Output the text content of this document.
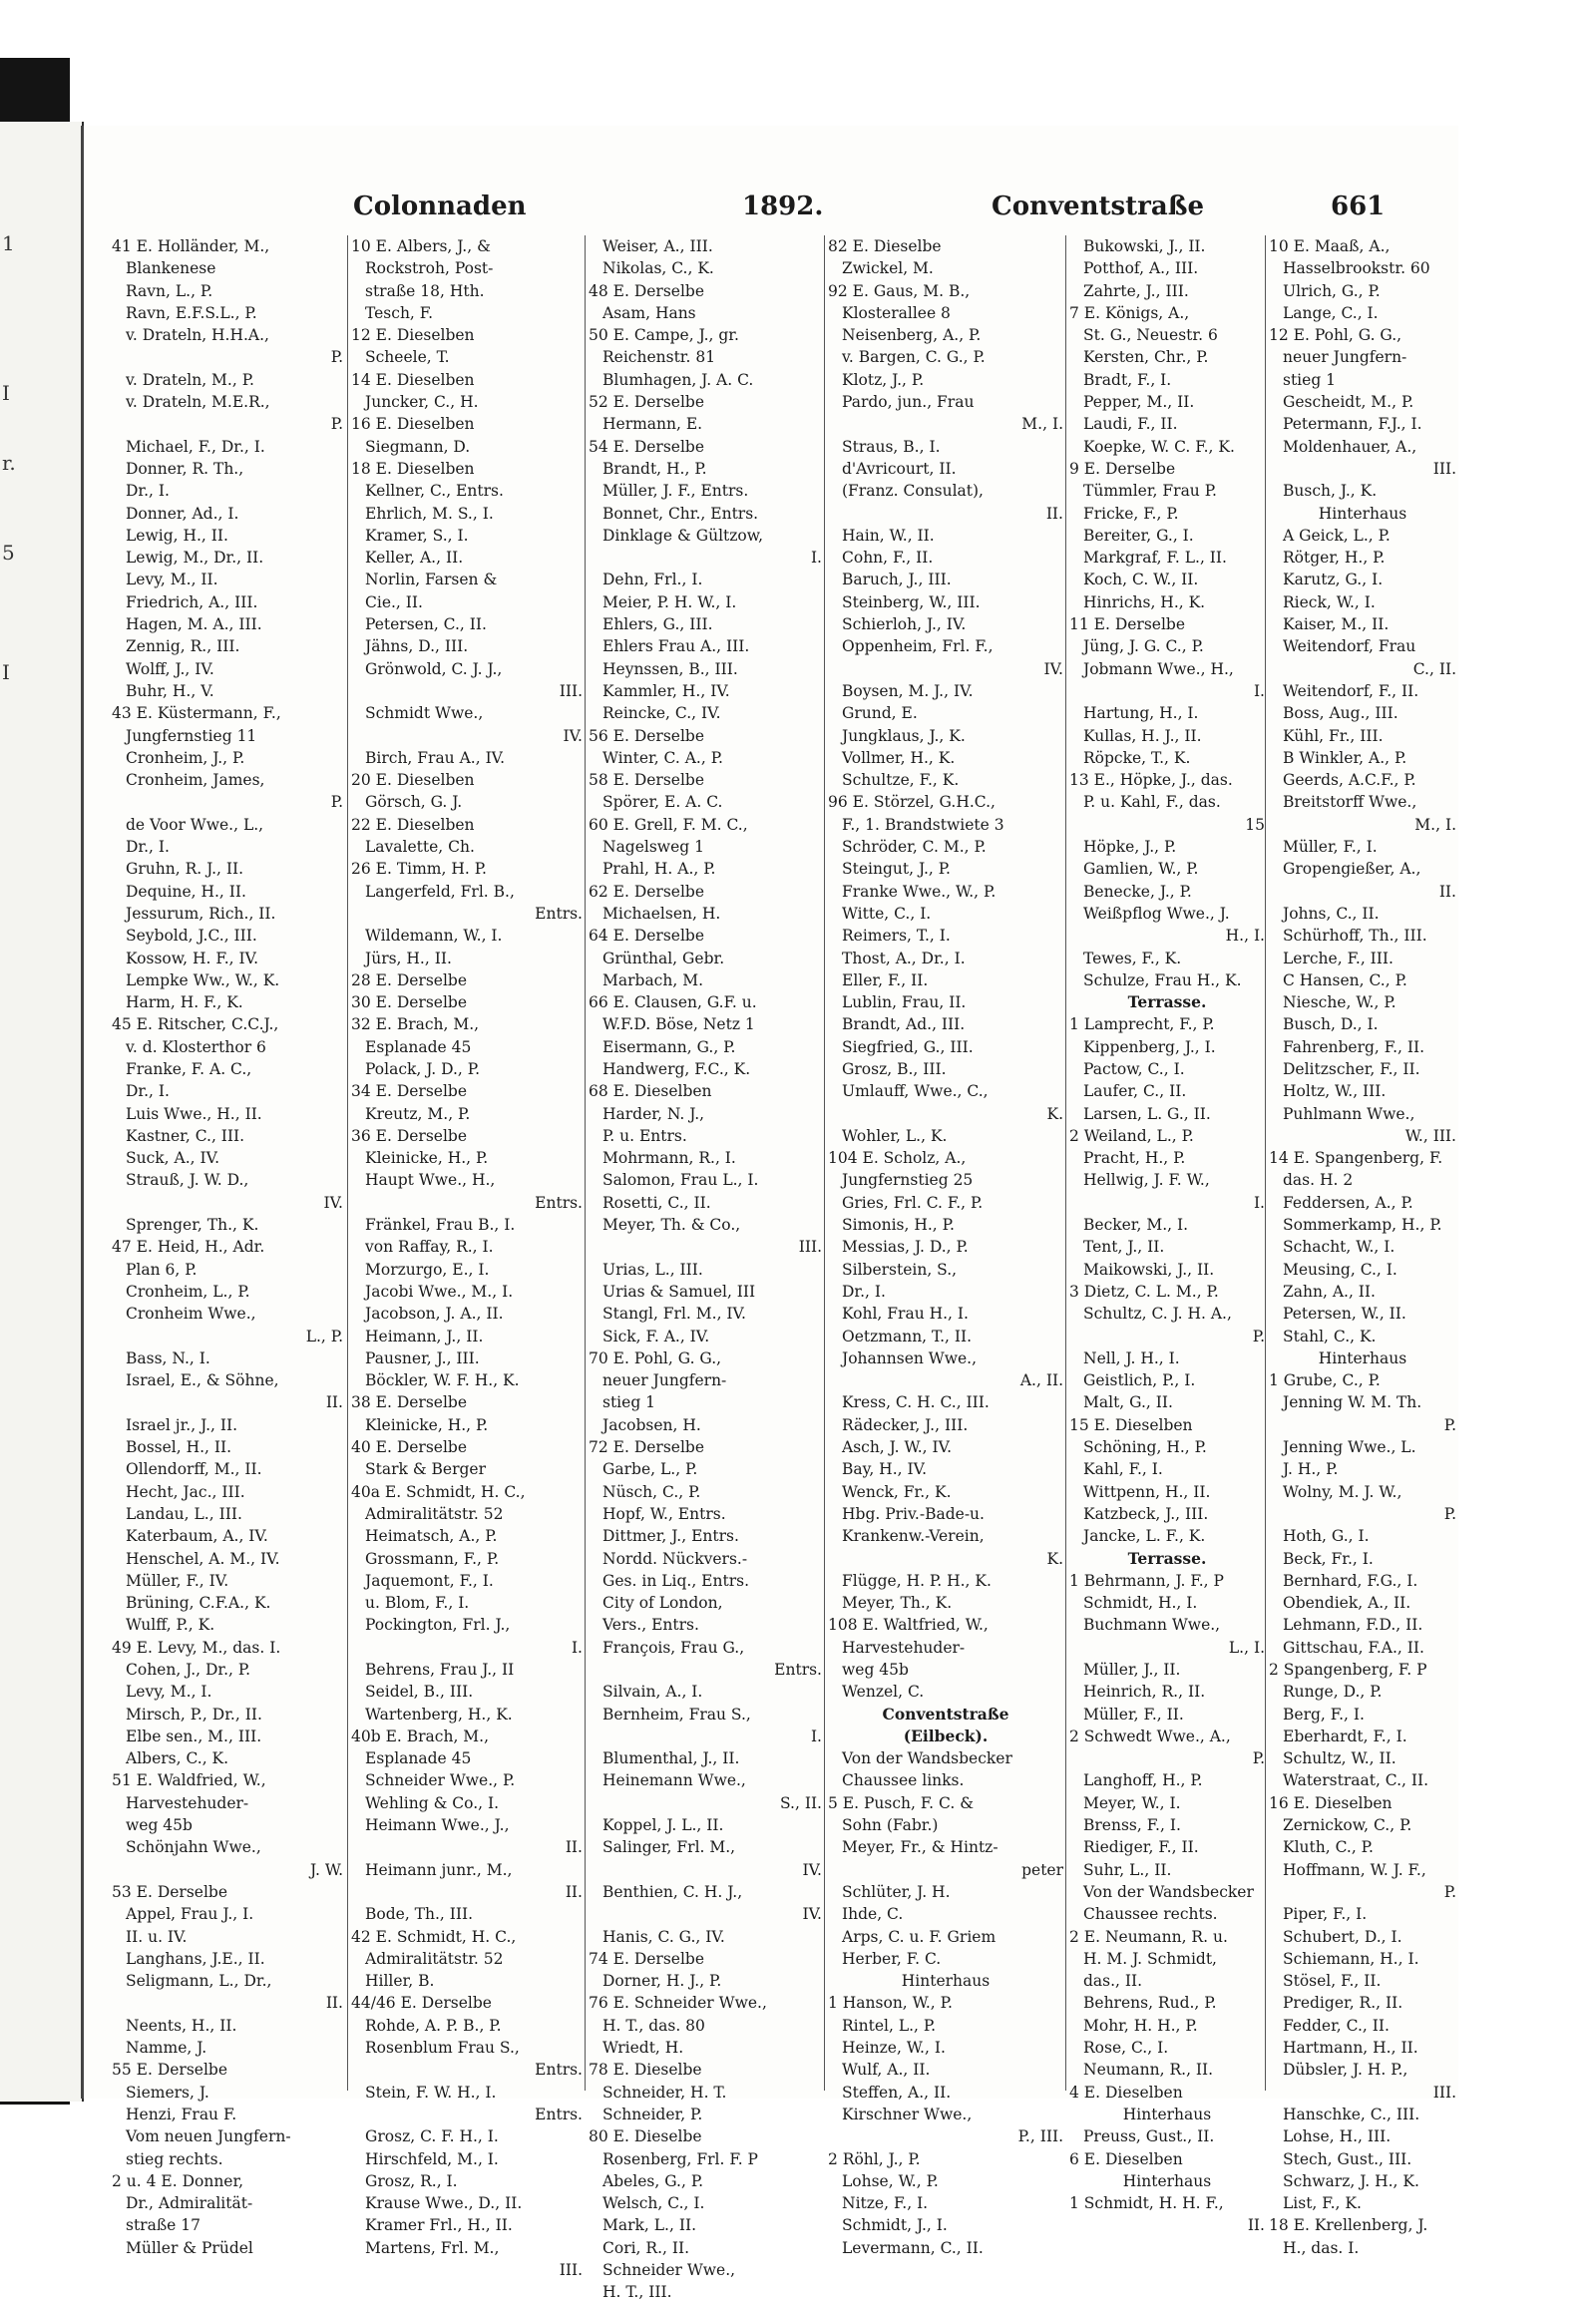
1
I
r.
5
I
Colonnaden	1892.	Conventstraße	661
41 E. Holländer, M.,
Blankenese
Ravn, L., P.
Ravn, E.F.S.L., P.
v. Drateln, H.H.A.,
P.
v. Drateln, M., P.
v. Drateln, M.E.R.,
P.
Michael, F., Dr., I.
Donner, R. Th.,
Dr., I.
Donner, Ad., I.
Lewig, H., II.
Lewig, M., Dr., II.
Levy, M., II.
Friedrich, A., III.
Hagen, M. A., III.
Zennig, R., III.
Wolff, J., IV.
Buhr, H., V.
43 E. Küstermann, F.,
Jungfernstieg 11
Cronheim, J., P.
Cronheim, James,
P.
de Voor Wwe., L.,
Dr., I.
Gruhn, R. J., II.
Dequine, H., II.
Jessurum, Rich., II.
Seybold, J.C., III.
Kossow, H. F., IV.
Lempke Ww., W., K.
Harm, H. F., K.
45 E. Ritscher, C.C.J.,
v. d. Klosterthor 6
Franke, F. A. C.,
Dr., I.
Luis Wwe., H., II.
Kastner, C., III.
Suck, A., IV.
Strauß, J. W. D.,
IV.
Sprenger, Th., K.
47 E. Heid, H., Adr.
Plan 6, P.
Cronheim, L., P.
Cronheim Wwe.,
L., P.
Bass, N., I.
Israel, E., & Söhne,
II.
Israel jr., J., II.
Bossel, H., II.
Ollendorff, M., II.
Hecht, Jac., III.
Landau, L., III.
Katerbaum, A., IV.
Henschel, A. M., IV.
Müller, F., IV.
Brüning, C.F.A., K.
Wulff, P., K.
49 E. Levy, M., das. I.
Cohen, J., Dr., P.
Levy, M., I.
Mirsch, P., Dr., II.
Elbe sen., M., III.
Albers, C., K.
51 E. Waldfried, W.,
Harvestehuder-
weg 45b
Schönjahn Wwe.,
J. W.
53 E. Derselbe
Appel, Frau J., I.
II. u. IV.
Langhans, J.E., II.
Seligmann, L., Dr.,
II.
Neents, H., II.
Namme, J.
55 E. Derselbe
Siemers, J.
Henzi, Frau F.
Vom neuen Jungfern-
stieg rechts.
2 u. 4 E. Donner,
Dr., Admiralität-
straße 17
Müller & Prüdel
10 E. Albers, J., &
Rockstroh, Post-
straße 18, Hth.
Tesch, F.
12 E. Dieselben
Scheele, T.
14 E. Dieselben
Juncker, C., H.
16 E. Dieselben
Siegmann, D.
18 E. Dieselben
Kellner, C., Entrs.
Ehrlich, M. S., I.
Kramer, S., I.
Keller, A., II.
Norlin, Farsen &
Cie., II.
Petersen, C., II.
Jähns, D., III.
Grönwold, C. J. J.,
III.
Schmidt Wwe.,
IV.
Birch, Frau A., IV.
20 E. Dieselben
Görsch, G. J.
22 E. Dieselben
Lavalette, Ch.
26 E. Timm, H. P.
Langerfeld, Frl. B.,
Entrs.
Wildemann, W., I.
Jürs, H., II.
28 E. Derselbe
30 E. Derselbe
32 E. Brach, M.,
Esplanade 45
Polack, J. D., P.
34 E. Derselbe
Kreutz, M., P.
36 E. Derselbe
Kleinicke, H., P.
Haupt Wwe., H.,
Entrs.
Fränkel, Frau B., I.
von Raffay, R., I.
Morzurgo, E., I.
Jacobi Wwe., M., I.
Jacobson, J. A., II.
Heimann, J., II.
Pausner, J., III.
Böckler, W. F. H., K.
38 E. Derselbe
Kleinicke, H., P.
40 E. Derselbe
Stark & Berger
40a E. Schmidt, H. C.,
Admiralitätstr. 52
Heimatsch, A., P.
Grossmann, F., P.
Jaquemont, F., I.
u. Blom, F., I.
Pockington, Frl. J.,
I.
Behrens, Frau J., II
Seidel, B., III.
Wartenberg, H., K.
40b E. Brach, M.,
Esplanade 45
Schneider Wwe., P.
Wehling & Co., I.
Heimann Wwe., J.,
II.
Heimann junr., M.,
II.
Bode, Th., III.
42 E. Schmidt, H. C.,
Admiralitätstr. 52
Hiller, B.
44/46 E. Derselbe
Rohde, A. P. B., P.
Rosenblum Frau S.,
Entrs.
Stein, F. W. H., I.
Entrs.
Grosz, C. F. H., I.
Hirschfeld, M., I.
Grosz, R., I.
Krause Wwe., D., II.
Kramer Frl., H., II.
Martens, Frl. M.,
III.
Weiser, A., III.
Nikolas, C., K.
48 E. Derselbe
Asam, Hans
50 E. Campe, J., gr.
Reichenstr. 81
Blumhagen, J. A. C.
52 E. Derselbe
Hermann, E.
54 E. Derselbe
Brandt, H., P.
Müller, J. F., Entrs.
Bonnet, Chr., Entrs.
Dinklage & Gültzow,
I.
Dehn, Frl., I.
Meier, P. H. W., I.
Ehlers, G., III.
Ehlers Frau A., III.
Heynssen, B., III.
Kammler, H., IV.
Reincke, C., IV.
56 E. Derselbe
Winter, C. A., P.
58 E. Derselbe
Spörer, E. A. C.
60 E. Grell, F. M. C.,
Nagelsweg 1
Prahl, H. A., P.
62 E. Derselbe
Michaelsen, H.
64 E. Derselbe
Grünthal, Gebr.
Marbach, M.
66 E. Clausen, G.F. u.
W.F.D. Böse, Netz 1
Eisermann, G., P.
Handwerg, F.C., K.
68 E. Dieselben
Harder, N. J.,
P. u. Entrs.
Mohrmann, R., I.
Salomon, Frau L., I.
Rosetti, C., II.
Meyer, Th. & Co.,
III.
Urias, L., III.
Urias & Samuel, III
Stangl, Frl. M., IV.
Sick, F. A., IV.
70 E. Pohl, G. G.,
neuer Jungfern-
stieg 1
Jacobsen, H.
72 E. Derselbe
Garbe, L., P.
Nüsch, C., P.
Hopf, W., Entrs.
Dittmer, J., Entrs.
Nordd. Nückvers.-
Ges. in Liq., Entrs.
City of London,
Vers., Entrs.
François, Frau G.,
Entrs.
Silvain, A., I.
Bernheim, Frau S.,
I.
Blumenthal, J., II.
Heinemann Wwe.,
S., II.
Koppel, J. L., II.
Salinger, Frl. M.,
IV.
Benthien, C. H. J.,
IV.
Hanis, C. G., IV.
74 E. Derselbe
Dorner, H. J., P.
76 E. Schneider Wwe.,
H. T., das. 80
Wriedt, H.
78 E. Dieselbe
Schneider, H. T.
Schneider, P.
80 E. Dieselbe
Rosenberg, Frl. F. P
Abeles, G., P.
Welsch, C., I.
Mark, L., II.
Cori, R., II.
Schneider Wwe.,
H. T., III.
82 E. Dieselbe
Zwickel, M.
92 E. Gaus, M. B.,
Klosterallee 8
Neisenberg, A., P.
v. Bargen, C. G., P.
Klotz, J., P.
Pardo, jun., Frau
M., I.
Straus, B., I.
d'Avricourt, II.
(Franz. Consulat),
II.
Hain, W., II.
Cohn, F., II.
Baruch, J., III.
Steinberg, W., III.
Schierloh, J., IV.
Oppenheim, Frl. F.,
IV.
Boysen, M. J., IV.
Grund, E.
Jungklaus, J., K.
Vollmer, H., K.
Schultze, F., K.
96 E. Störzel, G.H.C.,
F., 1. Brandstwiete 3
Schröder, C. M., P.
Steingut, J., P.
Franke Wwe., W., P.
Witte, C., I.
Reimers, T., I.
Thost, A., Dr., I.
Eller, F., II.
Lublin, Frau, II.
Brandt, Ad., III.
Siegfried, G., III.
Grosz, B., III.
Umlauff, Wwe., C.,
K.
Wohler, L., K.
104 E. Scholz, A.,
Jungfernstieg 25
Gries, Frl. C. F., P.
Simonis, H., P.
Messias, J. D., P.
Silberstein, S.,
Dr., I.
Kohl, Frau H., I.
Oetzmann, T., II.
Johannsen Wwe.,
A., II.
Kress, C. H. C., III.
Rädecker, J., III.
Asch, J. W., IV.
Bay, H., IV.
Wenck, Fr., K.
Hbg. Priv.-Bade-u.
Krankenw.-Verein,
K.
Flügge, H. P. H., K.
Meyer, Th., K.
108 E. Waltfried, W.,
Harvestehuder-
weg 45b
Wenzel, C.
Conventstraße
(Eilbeck).
Von der Wandsbecker
Chaussee links.
5 E. Pusch, F. C. &
Sohn (Fabr.)
Meyer, Fr., & Hintz-
peter
Schlüter, J. H.
Ihde, C.
Arps, C. u. F. Griem
Herber, F. C.
Hinterhaus
1 Hanson, W., P.
Rintel, L., P.
Heinze, W., I.
Wulf, A., II.
Steffen, A., II.
Kirschner Wwe.,
P., III.
2 Röhl, J., P.
Lohse, W., P.
Nitze, F., I.
Schmidt, J., I.
Levermann, C., II.
Bukowski, J., II.
Potthof, A., III.
Zahrte, J., III.
7 E. Königs, A.,
St. G., Neuestr. 6
Kersten, Chr., P.
Bradt, F., I.
Pepper, M., II.
Laudi, F., II.
Koepke, W. C. F., K.
9 E. Derselbe
Tümmler, Frau P.
Fricke, F., P.
Bereiter, G., I.
Markgraf, F. L., II.
Koch, C. W., II.
Hinrichs, H., K.
11 E. Derselbe
Jüng, J. G. C., P.
Jobmann Wwe., H.,
I.
Hartung, H., I.
Kullas, H. J., II.
Röpcke, T., K.
13 E., Höpke, J., das.
P. u. Kahl, F., das.
15
Höpke, J., P.
Gamlien, W., P.
Benecke, J., P.
Weißpflog Wwe., J.
H., I.
Tewes, F., K.
Schulze, Frau H., K.
Terrasse.
1 Lamprecht, F., P.
Kippenberg, J., I.
Pactow, C., I.
Laufer, C., II.
Larsen, L. G., II.
2 Weiland, L., P.
Pracht, H., P.
Hellwig, J. F. W.,
I.
Becker, M., I.
Tent, J., II.
Maikowski, J., II.
3 Dietz, C. L. M., P.
Schultz, C. J. H. A.,
P.
Nell, J. H., I.
Geistlich, P., I.
Malt, G., II.
15 E. Dieselben
Schöning, H., P.
Kahl, F., I.
Wittpenn, H., II.
Katzbeck, J., III.
Jancke, L. F., K.
Terrasse.
1 Behrmann, J. F., P
Schmidt, H., I.
Buchmann Wwe.,
L., I.
Müller, J., II.
Heinrich, R., II.
Müller, F., II.
2 Schwedt Wwe., A.,
P.
Langhoff, H., P.
Meyer, W., I.
Brenss, F., I.
Riediger, F., II.
Suhr, L., II.
Von der Wandsbecker
Chaussee rechts.
2 E. Neumann, R. u.
H. M. J. Schmidt,
das., II.
Behrens, Rud., P.
Mohr, H. H., P.
Rose, C., I.
Neumann, R., II.
4 E. Dieselben
Hinterhaus
Preuss, Gust., II.
6 E. Dieselben
Hinterhaus
1 Schmidt, H. H. F.,
II.
10 E. Maaß, A.,
Hasselbrookstr. 60
Ulrich, G., P.
Lange, C., I.
12 E. Pohl, G. G.,
neuer Jungfern-
stieg 1
Gescheidt, M., P.
Petermann, F.J., I.
Moldenhauer, A.,
III.
Busch, J., K.
Hinterhaus
A Geick, L., P.
Rötger, H., P.
Karutz, G., I.
Rieck, W., I.
Kaiser, M., II.
Weitendorf, Frau
C., II.
Weitendorf, F., II.
Boss, Aug., III.
Kühl, Fr., III.
B Winkler, A., P.
Geerds, A.C.F., P.
Breitstorff Wwe.,
M., I.
Müller, F., I.
Gropengießer, A.,
II.
Johns, C., II.
Schürhoff, Th., III.
Lerche, F., III.
C Hansen, C., P.
Niesche, W., P.
Busch, D., I.
Fahrenberg, F., II.
Delitzscher, F., II.
Holtz, W., III.
Puhlmann Wwe.,
W., III.
14 E. Spangenberg, F.
das. H. 2
Feddersen, A., P.
Sommerkamp, H., P.
Schacht, W., I.
Meusing, C., I.
Zahn, A., II.
Petersen, W., II.
Stahl, C., K.
Hinterhaus
1 Grube, C., P.
Jenning W. M. Th.
P.
Jenning Wwe., L.
J. H., P.
Wolny, M. J. W.,
P.
Hoth, G., I.
Beck, Fr., I.
Bernhard, F.G., I.
Obendiek, A., II.
Lehmann, F.D., II.
Gittschau, F.A., II.
2 Spangenberg, F. P
Runge, D., P.
Berg, F., I.
Eberhardt, F., I.
Schultz, W., II.
Waterstraat, C., II.
16 E. Dieselben
Zernickow, C., P.
Kluth, C., P.
Hoffmann, W. J. F.,
P.
Piper, F., I.
Schubert, D., I.
Schiemann, H., I.
Stösel, F., II.
Prediger, R., II.
Fedder, C., II.
Hartmann, H., II.
Dübsler, J. H. P.,
III.
Hanschke, C., III.
Lohse, H., III.
Stech, Gust., III.
Schwarz, J. H., K.
List, F., K.
18 E. Krellenberg, J.
H., das. I.
